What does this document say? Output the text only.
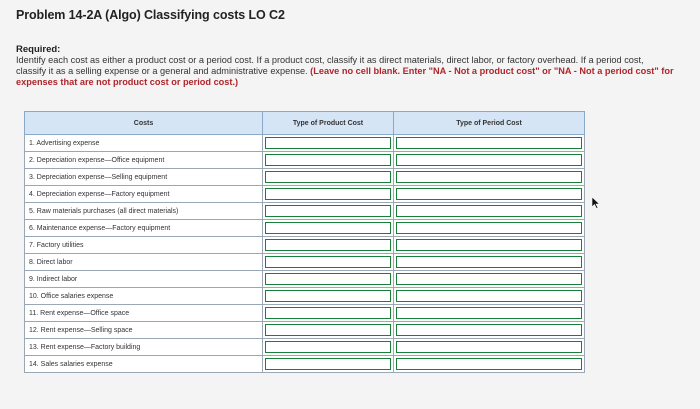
Problem 14-2A (Algo) Classifying costs LO C2
Required:
Identify each cost as either a product cost or a period cost. If a product cost, classify it as direct materials, direct labor, or factory overhead. If a period cost, classify it as a selling expense or a general and administrative expense. (Leave no cell blank. Enter "NA - Not a product cost" or "NA - Not a period cost" for expenses that are not product cost or period cost.)
Costs	Type of Product Cost	Type of Period Cost
1. Advertising expense	

2. Depreciation expense—Office equipment	

3. Depreciation expense—Selling equipment	

4. Depreciation expense—Factory equipment	

5. Raw materials purchases (all direct materials)	

6. Maintenance expense—Factory equipment	

7. Factory utilities	

8. Direct labor	

9. Indirect labor	

10. Office salaries expense	

11. Rent expense—Office space	

12. Rent expense—Selling space	

13. Rent expense—Factory building	

14. Sales salaries expense	
